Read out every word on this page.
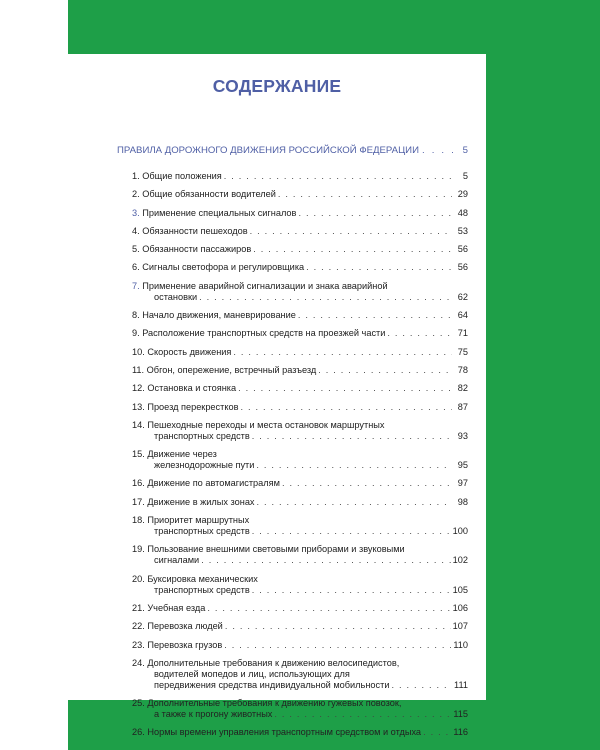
СОДЕРЖАНИЕ
ПРАВИЛА ДОРОЖНОГО ДВИЖЕНИЯ РОССИЙСКОЙ ФЕДЕРАЦИИ . . .	5
1. Общие положения . . .	5
2. Общие обязанности водителей . . .	29
3. Применение специальных сигналов . . .	48
4. Обязанности пешеходов . . .	53
5. Обязанности пассажиров . . .	56
6. Сигналы светофора и регулировщика . . .	56
7. Применение аварийной сигнализации и знака аварийной
остановки . . .	62
8. Начало движения, маневрирование . . .	64
9. Расположение транспортных средств на проезжей части . . .	71
10. Скорость движения . . .	75
11. Обгон, опережение, встречный разъезд . . .	78
12. Остановка и стоянка . . .	82
13. Проезд перекрестков . . .	87
14. Пешеходные переходы и места остановок маршрутных
транспортных средств . . .	93
15. Движение через
железнодорожные пути . . .	95
16. Движение по автомагистралям . . .	97
17. Движение в жилых зонах . . .	98
18. Приоритет маршрутных
транспортных средств . . .	100
19. Пользование внешними световыми приборами и звуковыми
сигналами . . .	102
20. Буксировка механических
транспортных средств . . .	105
21. Учебная езда . . .	106
22. Перевозка людей . . .	107
23. Перевозка грузов . . .	110
24. Дополнительные требования к движению велосипедистов,
водителей мопедов и лиц, использующих для
передвижения средства индивидуальной мобильности . . .	111
25. Дополнительные требования к движению гужевых повозок,
а также к прогону животных . . .	115
26. Нормы времени управления транспортным средством и отдыха . . .	116
